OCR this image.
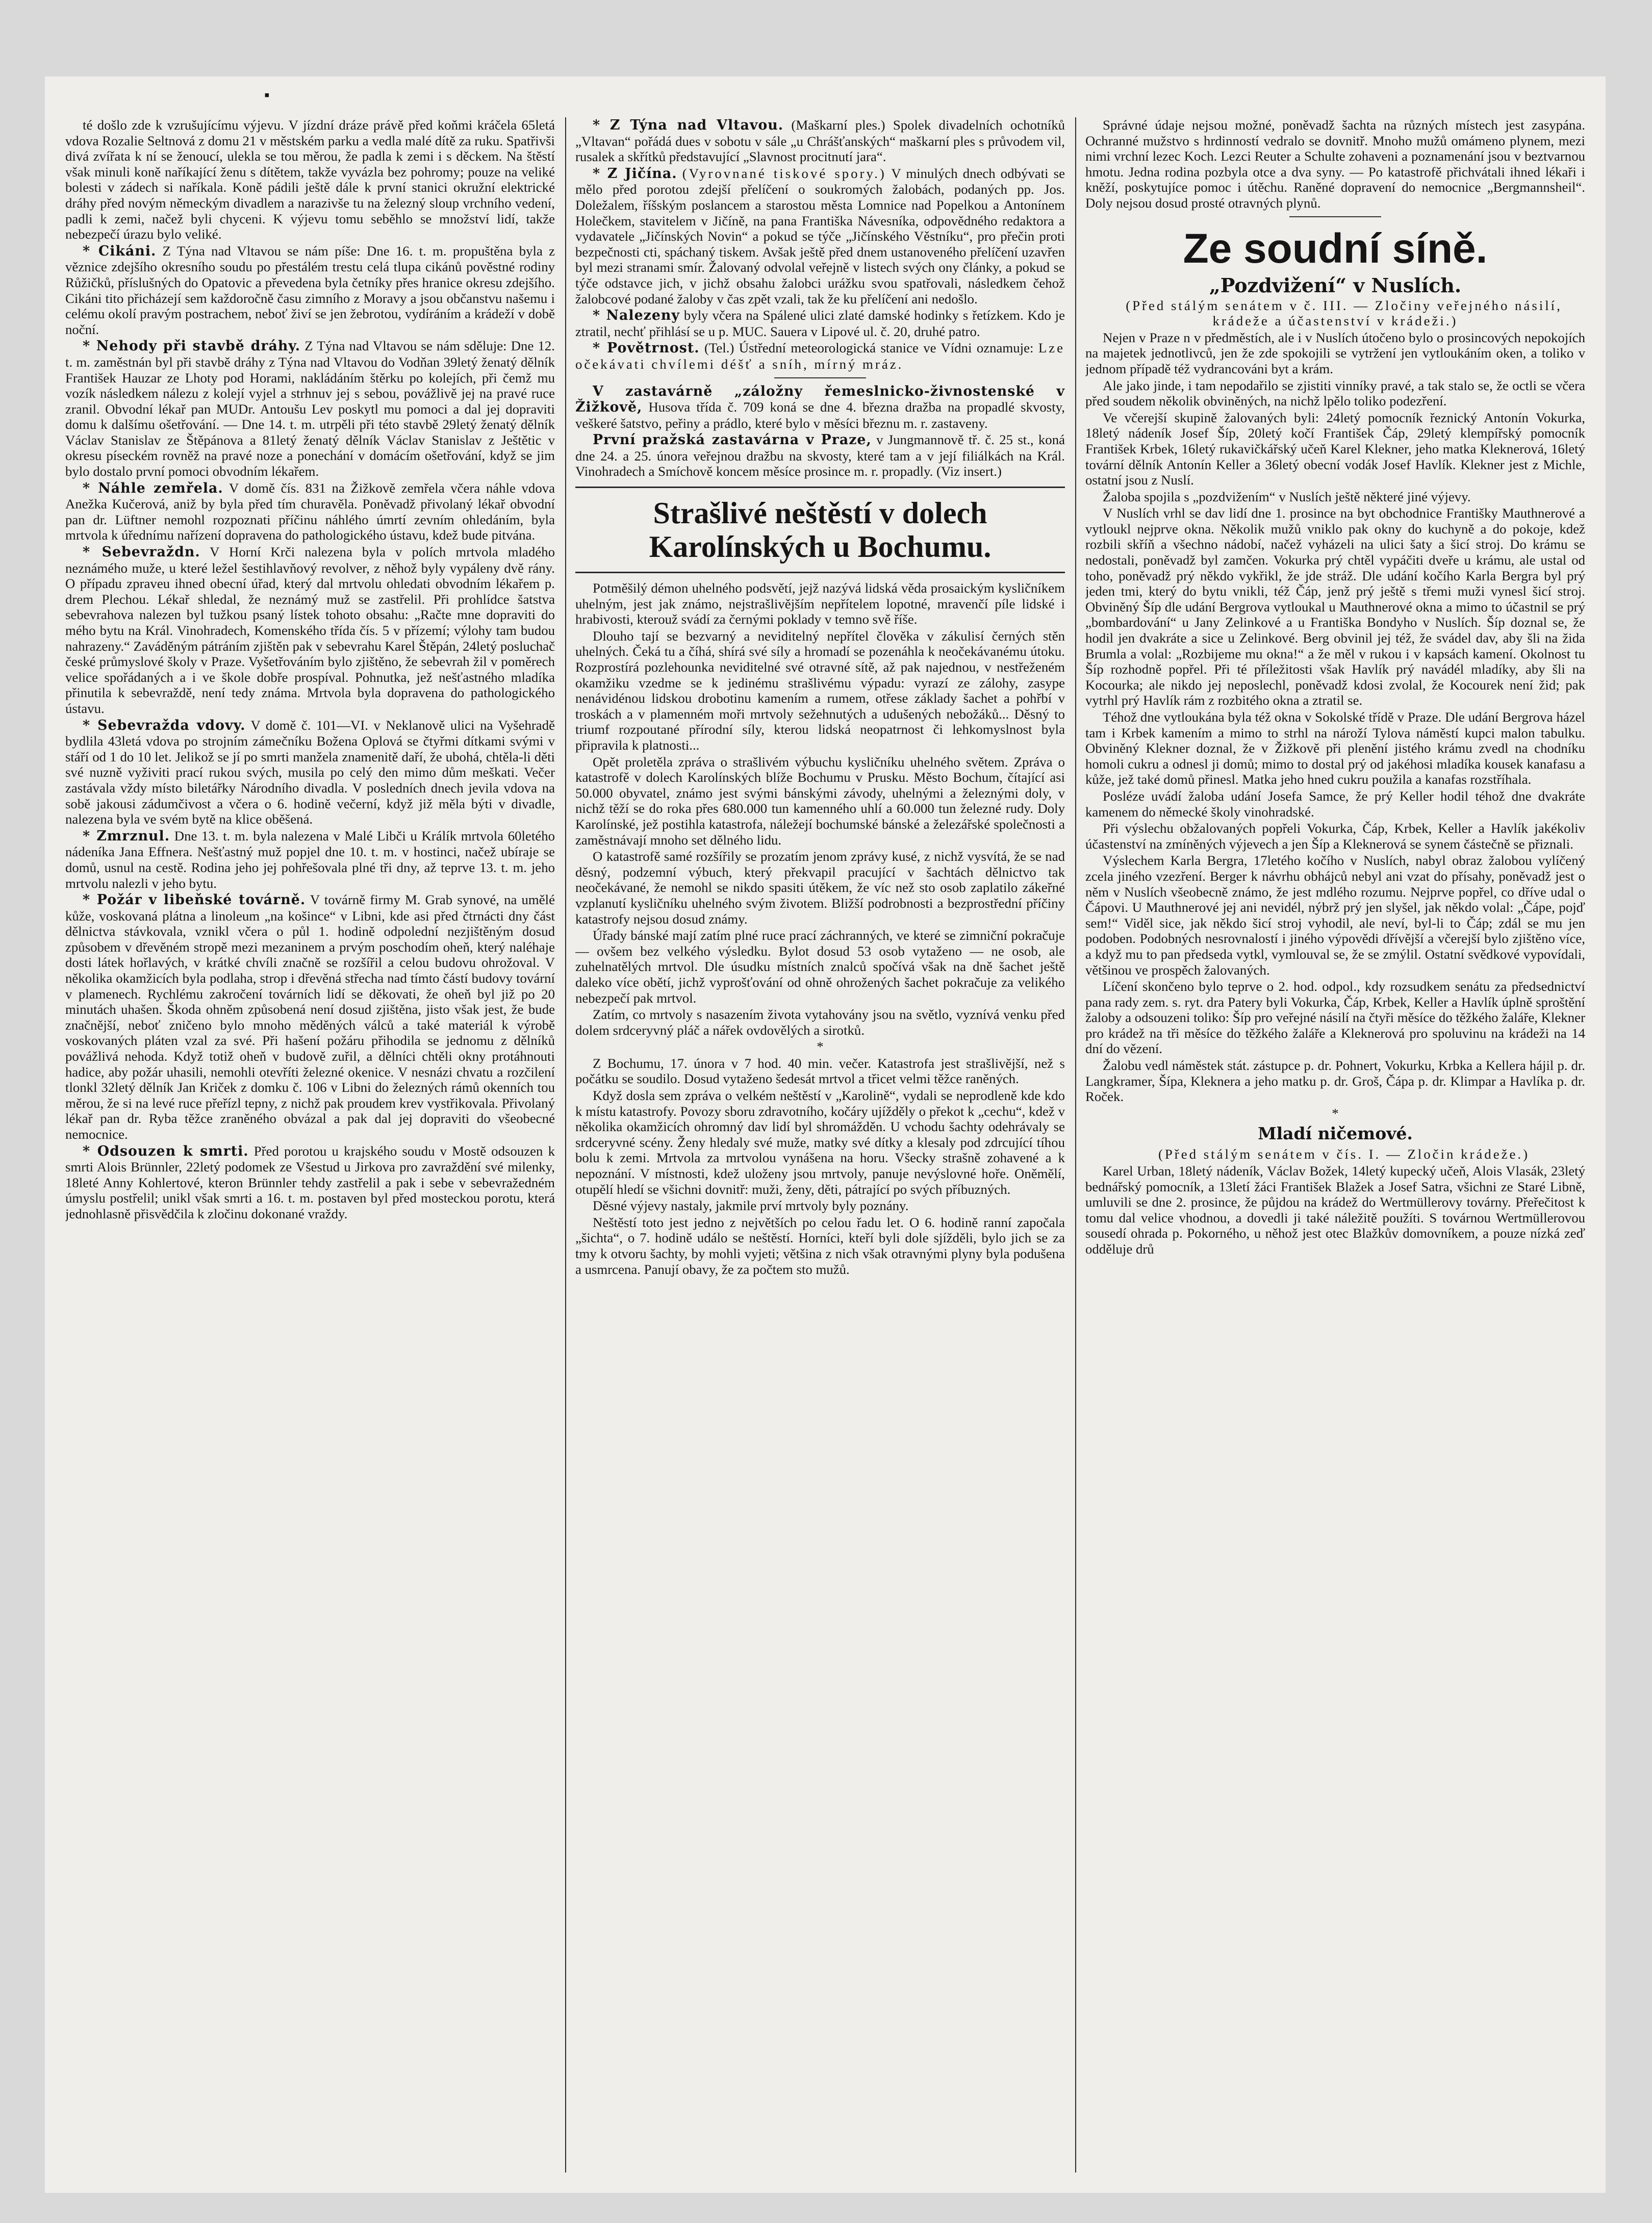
▪

té došlo zde k vzrušujícímu výjevu. V jízdní dráze právě před koňmi kráčela 65letá vdova Rozalie Seltnová z domu 21 v městském parku a vedla malé dítě za ruku. Spatřivši divá zvířata k ní se ženoucí, ulekla se tou měrou, že padla k zemi i s děckem. Na štěstí však minuli koně naříkající ženu s dítětem, takže vyvázla bez pohromy; pouze na veliké bolesti v zádech si naříkala. Koně pádili ještě dále k první stanici okružní elektrické dráhy před novým německým divadlem a narazivše tu na železný sloup vrchního vedení, padli k zemi, načež byli chyceni. K výjevu tomu seběhlo se množství lidí, takže nebezpečí úrazu bylo veliké.

* Cikáni. Z Týna nad Vltavou se nám píše: Dne 16. t. m. propuštěna byla z věznice zdejšího okresního soudu po přestálém trestu celá tlupa cikánů pověstné rodiny Růžičků, příslušných do Opatovic a převedena byla četníky přes hranice okresu zdejšího. Cikáni tito přicházejí sem každoročně času zimního z Moravy a jsou občanstvu našemu i celému okolí pravým postrachem, neboť živí se jen žebrotou, vydíráním a krádeží v době noční.

* Nehody při stavbě dráhy. Z Týna nad Vltavou se nám sděluje: Dne 12. t. m. zaměstnán byl při stavbě dráhy z Týna nad Vltavou do Vodňan 39letý ženatý dělník František Hauzar ze Lhoty pod Horami, nakládáním štěrku po kolejích, při čemž mu vozík následkem nálezu z kolejí vyjel a strhnuv jej s sebou, povážlivě jej na pravé ruce zranil. Obvodní lékař pan MUDr. Antoušu Lev poskytl mu pomoci a dal jej dopraviti domu k dalšímu ošetřování. — Dne 14. t. m. utrpěli při této stavbě 29letý ženatý dělník Václav Stanislav ze Štěpánova a 81letý ženatý dělník Václav Stanislav z Ještětic v okresu píseckém rovněž na pravé noze a ponechání v domácím ošetřování, když se jim bylo dostalo první pomoci obvodním lékařem.

* Náhle zemřela. V domě čís. 831 na Žižkově zemřela včera náhle vdova Anežka Kučerová, aniž by byla před tím churavěla. Poněvadž přivolaný lékař obvodní pan dr. Lüftner nemohl rozpoznati příčinu náhlého úmrtí zevním ohledáním, byla mrtvola k úřednímu nařízení dopravena do pathologického ústavu, kdež bude pitvána.

* Sebevraždn. V Horní Krči nalezena byla v polích mrtvola mladého neznámého muže, u které ležel šestihlavňový revolver, z něhož byly vypáleny dvě rány. O případu zpraveu ihned obecní úřad, který dal mrtvolu ohledati obvodním lékařem p. drem Plechou. Lékař shledal, že neznámý muž se zastřelil. Při prohlídce šatstva sebevrahova nalezen byl tužkou psaný lístek tohoto obsahu: „Račte mne dopraviti do mého bytu na Král. Vinohradech, Komenského třída čís. 5 v přízemí; výlohy tam budou nahrazeny.“ Zaváděným pátráním zjištěn pak v sebevrahu Karel Štěpán, 24letý posluchač české průmyslové školy v Praze. Vyšetřováním bylo zjištěno, že sebevrah žil v poměrech velice spořádaných a i ve škole dobře prospíval. Pohnutka, jež nešťastného mladíka přinutila k sebevraždě, není tedy známa. Mrtvola byla dopravena do pathologického ústavu.

* Sebevražda vdovy. V domě č. 101—VI. v Neklanově ulici na Vyšehradě bydlila 43letá vdova po strojním zámečníku Božena Oplová se čtyřmi dítkami svými v stáří od 1 do 10 let. Jelikož se jí po smrti manžela znamenitě daří, že ubohá, chtěla-li děti své nuzně vyživiti prací rukou svých, musila po celý den mimo dům meškati. Večer zastávala vždy místo biletářky Národního divadla. V posledních dnech jevila vdova na sobě jakousi zádumčivost a včera o 6. hodině večerní, když již měla býti v divadle, nalezena byla ve svém bytě na klice oběšená.

* Zmrznul. Dne 13. t. m. byla nalezena v Malé Libči u Králík mrtvola 60letého nádeníka Jana Effnera. Nešťastný muž popjel dne 10. t. m. v hostinci, načež ubíraje se domů, usnul na cestě. Rodina jeho jej pohřešovala plné tři dny, až teprve 13. t. m. jeho mrtvolu nalezli v jeho bytu.

* Požár v libeňské továrně. V továrně firmy M. Grab synové, na umělé kůže, voskovaná plátna a linoleum „na košince“ v Libni, kde asi před čtrnácti dny část dělnictva stávkovala, vznikl včera o půl 1. hodině odpolední nezjištěným dosud způsobem v dřevěném stropě mezi mezaninem a prvým poschodím oheň, který naléhaje dosti látek hořlavých, v krátké chvíli značně se rozšířil a celou budovu ohrožoval. V několika okamžicích byla podlaha, strop i dřevěná střecha nad tímto částí budovy tovární v plamenech. Rychlému zakročení továrních lidí se děkovati, že oheň byl již po 20 minutách uhašen. Škoda ohněm způsobená není dosud zjištěna, jisto však jest, že bude značnější, neboť zničeno bylo mnoho měděných válců a také materiál k výrobě voskovaných pláten vzal za své. Při hašení požáru přihodila se jednomu z dělníků povážlivá nehoda. Když totiž oheň v budově zuřil, a dělníci chtěli okny protáhnouti hadice, aby požár uhasili, nemohli otevříti železné okenice. V nesnázi chvatu a rozčilení tlonkl 32letý dělník Jan Kriček z domku č. 106 v Libni do železných rámů okenních tou měrou, že si na levé ruce přeřízl tepny, z nichž pak proudem krev vystřikovala. Přivolaný lékař pan dr. Ryba těžce zraněného obvázal a pak dal jej dopraviti do všeobecné nemocnice.

* Odsouzen k smrti. Před porotou u krajského soudu v Mostě odsouzen k smrti Alois Brünnler, 22letý podomek ze Všestud u Jirkova pro zavraždění své milenky, 18leté Anny Kohlertové, kteron Brünnler tehdy zastřelil a pak i sebe v sebevražedném úmyslu postřelil; unikl však smrti a 16. t. m. postaven byl před mosteckou porotu, která jednohlasně přisvědčila k zločinu dokonané vraždy.

* Z Týna nad Vltavou. (Maškarní ples.) Spolek divadelních ochotníků „Vltavan“ pořádá dues v sobotu v sále „u Chrášťanských“ maškarní ples s průvodem vil, rusalek a skřítků představující „Slavnost procitnutí jara“.

* Z Jičína. (Vyrovnané tiskové spory.) V minulých dnech odbývati se mělo před porotou zdejší přelíčení o soukromých žalobách, podaných pp. Jos. Doležalem, říšským poslancem a starostou města Lomnice nad Popelkou a Antonínem Holečkem, stavitelem v Jičíně, na pana Františka Návesníka, odpovědného redaktora a vydavatele „Jičínských Novin“ a pokud se týče „Jičínského Věstníku“, pro přečin proti bezpečnosti cti, spáchaný tiskem. Avšak ještě před dnem ustanoveného přelíčení uzavřen byl mezi stranami smír. Žalovaný odvolal veřejně v listech svých ony články, a pokud se týče odstavce jich, v jichž obsahu žalobci urážku svou spatřovali, následkem čehož žalobcové podané žaloby v čas zpět vzali, tak že ku přelíčení ani nedošlo.

* Nalezeny byly včera na Spálené ulici zlaté damské hodinky s řetízkem. Kdo je ztratil, nechť přihlásí se u p. MUC. Sauera v Lipové ul. č. 20, druhé patro.

* Povětrnost. (Tel.) Ústřední meteorologická stanice ve Vídni oznamuje: Lze očekávati chvílemi déšť a sníh, mírný mráz.

V zastavárně „záložny řemeslnicko-živnostenské v Žižkově, Husova třída č. 709 koná se dne 4. března dražba na propadlé skvosty, veškeré šatstvo, peřiny a prádlo, které bylo v měsíci březnu m. r. zastaveny.

První pražská zastavárna v Praze, v Jungmannově tř. č. 25 st., koná dne 24. a 25. února veřejnou dražbu na skvosty, které tam a v její filiálkách na Král. Vinohradech a Smíchově koncem měsíce prosince m. r. propadly. (Viz insert.)

Strašlivé neštěstí v dolech Karolínských u Bochumu.

Potměšilý démon uhelného podsvětí, jejž nazývá lidská věda prosaickým kysličníkem uhelným, jest jak známo, nejstrašlivějším nepřítelem lopotné, mravenčí píle lidské i hrabivosti, kterouž svádí za černými poklady v temno svě říše.

Dlouho tají se bezvarný a neviditelný nepřítel člověka v zákulisí černých stěn uhelných. Čeká tu a číhá, shírá své síly a hromadí se pozenáhla k neočekávanému útoku. Rozprostírá pozlehounka neviditelné své otravné sítě, až pak najednou, v nestřeženém okamžiku vzedme se k jedinému strašlivému výpadu: vyrazí ze zálohy, zasype nenávidénou lidskou drobotinu kamením a rumem, otřese základy šachet a pohřbí v troskách a v plamenném moři mrtvoly sežehnutých a udušených nebožáků... Děsný to triumf rozpoutané přírodní síly, kterou lidská neopatrnost či lehkomyslnost byla připravila k platnosti...

Opět proletěla zpráva o strašlivém výbuchu kysličníku uhelného světem. Zpráva o katastrofě v dolech Karolínských blíže Bochumu v Prusku. Město Bochum, čítající asi 50.000 obyvatel, známo jest svými bánskými závody, uhelnými a železnými doly, v nichž těží se do roka přes 680.000 tun kamenného uhlí a 60.000 tun železné rudy. Doly Karolínské, jež postihla katastrofa, náležejí bochumské bánské a železářské společnosti a zaměstnávají mnoho set dělného lidu.

O katastrofě samé rozšířily se prozatím jenom zprávy kusé, z nichž vysvítá, že se nad děsný, podzemní výbuch, který překvapil pracující v šachtách dělnictvo tak neočekávané, že nemohl se nikdo spasiti útěkem, že víc než sto osob zaplatilo zákeřné vzplanutí kysličníku uhelného svým životem. Bližší podrobnosti a bezprostřední příčiny katastrofy nejsou dosud známy.

Úřady bánské mají zatím plné ruce prací záchranných, ve které se zimniční pokračuje — ovšem bez velkého výsledku. Bylot dosud 53 osob vytaženo — ne osob, ale zuhelnatělých mrtvol. Dle úsudku místních znalců spočívá však na dně šachet ještě daleko více obětí, jichž vyprošťování od ohně ohrožených šachet pokračuje za velikého nebezpečí pak mrtvol.

Zatím, co mrtvoly s nasazením života vytahovány jsou na světlo, vyznívá venku před dolem srdceryvný pláč a nářek ovdovělých a sirotků.

*

Z Bochumu, 17. února v 7 hod. 40 min. večer. Katastrofa jest strašlivější, než s počátku se soudilo. Dosud vytaženo šedesát mrtvol a třicet velmi těžce raněných.

Když dosla sem zpráva o velkém neštěstí v „Karolině“, vydali se neprodleně kde kdo k místu katastrofy. Povozy sboru zdravotního, kočáry ujížděly o překot k „cechu“, kdež v několika okamžicích ohromný dav lidí byl shromážděn. U vchodu šachty odehrávaly se srdceryvné scény. Ženy hledaly své muže, matky své dítky a klesaly pod zdrcující tíhou bolu k zemi. Mrtvola za mrtvolou vynášena na horu. Všecky strašně zohavené a k nepoznání. V místnosti, kdež uloženy jsou mrtvoly, panuje nevýslovné hoře. Oněmělí, otupělí hledí se všichni dovnitř: muži, ženy, děti, pátrající po svých příbuzných.

Děsné výjevy nastaly, jakmile prví mrtvoly byly poznány.

Neštěstí toto jest jedno z největších po celou řadu let. O 6. hodině ranní započala „šichta“, o 7. hodině událo se neštěstí. Horníci, kteří byli dole sjížděli, bylo jich se za tmy k otvoru šachty, by mohli vyjeti; většina z nich však otravnými plyny byla podušena a usmrcena. Panují obavy, že za počtem sto mužů.

Správné údaje nejsou možné, poněvadž šachta na různých místech jest zasypána. Ochranné mužstvo s hrdinností vedralo se dovnitř. Mnoho mužů omámeno plynem, mezi nimi vrchní lezec Koch. Lezci Reuter a Schulte zohaveni a poznamenání jsou v beztvarnou hmotu. Jedna rodina pozbyla otce a dva syny. — Po katastrofě přichvátali ihned lékaři i kněží, poskytujíce pomoc i útěchu. Raněné dopravení do nemocnice „Bergmannsheil“. Doly nejsou dosud prosté otravných plynů.

Ze soudní síně.
„Pozdvižení“ v Nuslích.

(Před stálým senátem v č. III. — Zločiny veřejného násilí, krádeže a účastenství v krádeži.)

Nejen v Praze n v předměstích, ale i v Nuslích útočeno bylo o prosincových nepokojích na majetek jednotlivců, jen že zde spokojili se vytržení jen vytloukáním oken, a toliko v jednom případě též vydrancováni byt a krám.

Ale jako jinde, i tam nepodařilo se zjistiti vinníky pravé, a tak stalo se, že octli se včera před soudem několik obviněných, na nichž lpělo toliko podezření.

Ve včerejší skupině žalovaných byli: 24letý pomocník řeznický Antonín Vokurka, 18letý nádeník Josef Šíp, 20letý kočí František Čáp, 29letý klempířský pomocník František Krbek, 16letý rukavičkářský učeň Karel Klekner, jeho matka Kleknerová, 16letý tovární dělník Antonín Keller a 36letý obecní vodák Josef Havlík. Klekner jest z Michle, ostatní jsou z Nuslí.

Žaloba spojila s „pozdvižením“ v Nuslích ještě některé jiné výjevy.

V Nuslích vrhl se dav lidí dne 1. prosince na byt obchodnice Františky Mauthnerové a vytloukl nejprve okna. Několik mužů vniklo pak okny do kuchyně a do pokoje, kdež rozbili skříň a všechno nádobí, načež vyházeli na ulici šaty a šicí stroj. Do krámu se nedostali, poněvadž byl zamčen. Vokurka prý chtěl vypáčiti dveře u krámu, ale ustal od toho, poněvadž prý někdo vykřikl, že jde stráž. Dle udání kočího Karla Bergra byl prý jeden tmi, který do bytu vnikli, též Čáp, jenž prý ještě s třemi muži vynesl šicí stroj. Obviněný Šíp dle udání Bergrova vytloukal u Mauthnerové okna a mimo to účastnil se prý „bombardování“ u Jany Zelinkové a u Františka Bondyho v Nuslích. Šíp doznal se, že hodil jen dvakráte a sice u Zelinkové. Berg obvinil jej též, že svádel dav, aby šli na žida Brumla a volal: „Rozbijeme mu okna!“ a že měl v rukou i v kapsách kamení. Okolnost tu Šíp rozhodně popřel. Při té příležitosti však Havlík prý navádél mladíky, aby šli na Kocourka; ale nikdo jej neposlechl, poněvadž kdosi zvolal, že Kocourek není žid; pak vytrhl prý Havlík rám z rozbitého okna a ztratil se.

Téhož dne vytloukána byla též okna v Sokolské třídě v Praze. Dle udání Bergrova házel tam i Krbek kamením a mimo to strhl na nároží Tylova náměstí kupci malon tabulku. Obviněný Klekner doznal, že v Žižkově při plenění jistého krámu zvedl na chodníku homoli cukru a odnesl ji domů; mimo to dostal prý od jakéhosi mladíka kousek kanafasu a kůže, jež také domů přinesl. Matka jeho hned cukru použila a kanafas rozstříhala.

Posléze uvádí žaloba udání Josefa Samce, že prý Keller hodil téhož dne dvakráte kamenem do německé školy vinohradské.

Při výslechu obžalovaných popřeli Vokurka, Čáp, Krbek, Keller a Havlík jakékoliv účastenství na zmíněných výjevech a jen Šíp a Kleknerová se synem částečně se přiznali.

Výslechem Karla Bergra, 17letého kočího v Nuslích, nabyl obraz žalobou vylíčený zcela jiného vzezření. Berger k návrhu obhájců nebyl ani vzat do přísahy, poněvadž jest o něm v Nuslích všeobecně známo, že jest mdlého rozumu. Nejprve popřel, co dříve udal o Čápovi. U Mauthnerové jej ani nevidél, nýbrž prý jen slyšel, jak někdo volal: „Čápe, pojď sem!“ Viděl sice, jak někdo šicí stroj vyhodil, ale neví, byl-li to Čáp; zdál se mu jen podoben. Podobných nesrovnalostí i jiného výpovědi dřívější a včerejší bylo zjištěno více, a když mu to pan předseda vytkl, vymlouval se, že se zmýlil. Ostatní svědkové vypovídali, většinou ve prospěch žalovaných.

Líčení skončeno bylo teprve o 2. hod. odpol., kdy rozsudkem senátu za předsednictví pana rady zem. s. ryt. dra Patery byli Vokurka, Čáp, Krbek, Keller a Havlík úplně sproštění žaloby a odsouzeni toliko: Šíp pro veřejné násilí na čtyři měsíce do těžkého žaláře, Klekner pro krádež na tři měsíce do těžkého žaláře a Kleknerová pro spoluvinu na krádeži na 14 dní do vězení.

Žalobu vedl náměstek stát. zástupce p. dr. Pohnert, Vokurku, Krbka a Kellera hájil p. dr. Langkramer, Šípa, Kleknera a jeho matku p. dr. Groš, Čápa p. dr. Klimpar a Havlíka p. dr. Roček.

*

Mladí ničemové.

(Před stálým senátem v čís. I. — Zločin krádeže.)

Karel Urban, 18letý nádeník, Václav Božek, 14letý kupecký učeň, Alois Vlasák, 23letý bednářský pomocník, a 13letí žáci František Blažek a Josef Satra, všichni ze Staré Libně, umluvili se dne 2. prosince, že půjdou na krádež do Wertmüllerovy továrny. Přeřečitost k tomu dal velice vhodnou, a dovedli ji také náležitě použíti. S továrnou Wertmüllerovou sousedí ohrada p. Pokorného, u něhož jest otec Blažkův domovníkem, a pouze nízká zeď odděluje drů
